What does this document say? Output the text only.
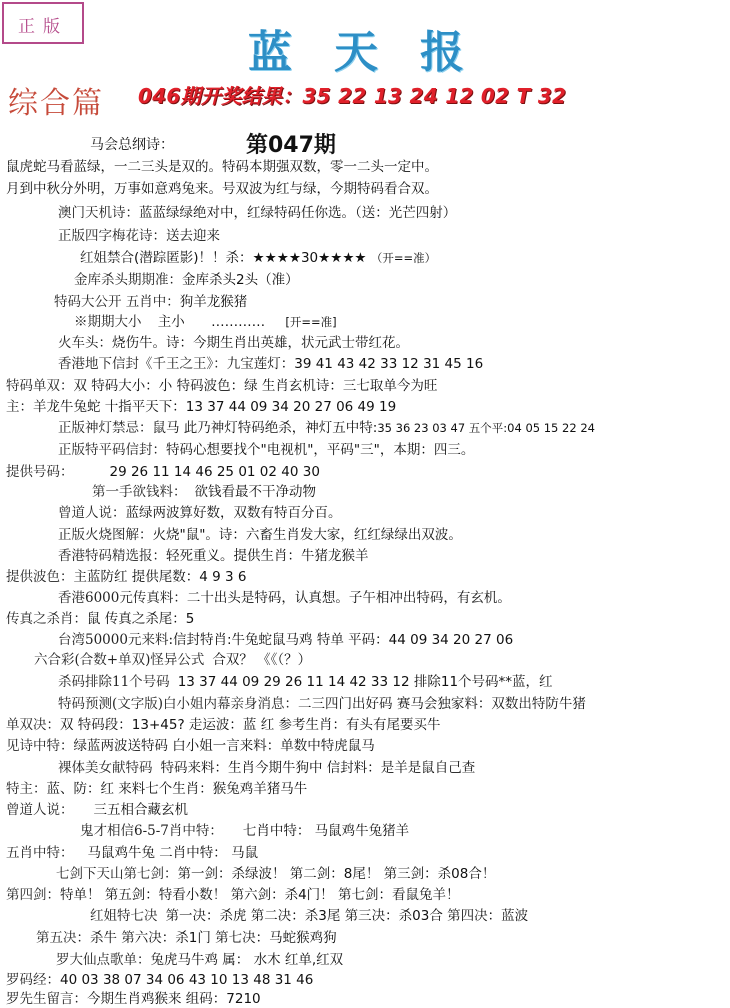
正版	蓝天报
综合篇 046期开奖结果：35 22 13 24 12 02 T 32
马会总纲诗：	第047期
鼠虎蛇马看蓝绿，一二三头是双的。特码本期强双数，零一二头一定中。
月到中秋分外明，万事如意鸡兔来。号双波为红与绿，今期特码看合双。
澳门天机诗：蓝蓝绿绿绝对中，红绿特码任你选。（送：光芒四射）
正版四字梅花诗：送去迎来
红姐禁合(潜踪匿影)！！杀：★★★★30★★★★ （开==准）
金库杀头期期准：金库杀头2头（准）
特码大公开 五肖中：狗羊龙猴猪
※期期大小 主小 ………… [开==准]
火车头：烧伤牛。诗：今期生肖出英雄，状元武士带红花。
香港地下信封《千王之王》：九宝莲灯：39 41 43 42 33 12 31 45 16
特码单双：双 特码大小：小 特码波色：绿 生肖玄机诗：三七取单今为旺
主：羊龙牛兔蛇 十指平天下：13 37 44 09 34 20 27 06 49 19
正版神灯禁忌：鼠马 此乃神灯特码绝杀，神灯五中特:35 36 23 03 47 五个平:04 05 15 22 24
正版特平码信封：特码心想要找个"电视机"，平码"三"，本期：四三。
提供号码：	29 26 11 14 46 25 01 02 40 30
第一手欲钱料： 欲钱看最不干净动物
曾道人说：蓝绿两波算好数，双数有特百分百。
正版火烧图解：火烧"鼠"。诗：六畜生肖发大家，红红绿绿出双波。
香港特码精选报：轻死重义。提供生肖：牛猪龙猴羊
提供波色：主蓝防红 提供尾数：4 9 3 6
香港6000元传真料：二十出头是特码，认真想。子午相冲出特码，有玄机。
传真之杀肖：鼠 传真之杀尾：5
台湾50000元来料:信封特肖:牛兔蛇鼠马鸡 特单 平码：44 09 34 20 27 06
六合彩(合数+单双)怪异公式 合双？ 《《（？）
杀码排除11个号码 13 37 44 09 29 26 11 14 42 33 12 排除11个号码**蓝，红
特码预测(文字版)白小姐内幕亲身消息：二三四门出好码 赛马会独家料：双数出特防牛猪
单双决：双 特码段：13+45? 走运波：蓝 红 参考生肖：有头有尾要买牛
见诗中特：绿蓝两波送特码 白小姐一言来料：单数中特虎鼠马
裸体美女献特码 特码来料：生肖今期牛狗中 信封料：是羊是鼠自己查
特主：蓝、防：红 来料七个生肖：猴兔鸡羊猪马牛
曾道人说： 三五相合藏玄机
鬼才相信6-5-7肖中特： 七肖中特： 马鼠鸡牛兔猪羊
五肖中特： 马鼠鸡牛兔 二肖中特： 马鼠
七剑下天山第七剑：第一剑：杀绿波！ 第二剑：8尾！ 第三剑：杀08合！
第四剑：特单！ 第五剑：特看小数！ 第六剑：杀4门！ 第七剑：看鼠兔羊！
红姐特七决 第一决：杀虎 第二决：杀3尾 第三决：杀03合 第四决：蓝波
第五决：杀牛 第六决：杀1门 第七决：马蛇猴鸡狗
罗大仙点歌单：兔虎马牛鸡 属： 水木 红单,红双
罗码经：40 03 38 07 34 06 43 10 13 48 31 46
罗先生留言：今期生肖鸡猴来 组码：7210
